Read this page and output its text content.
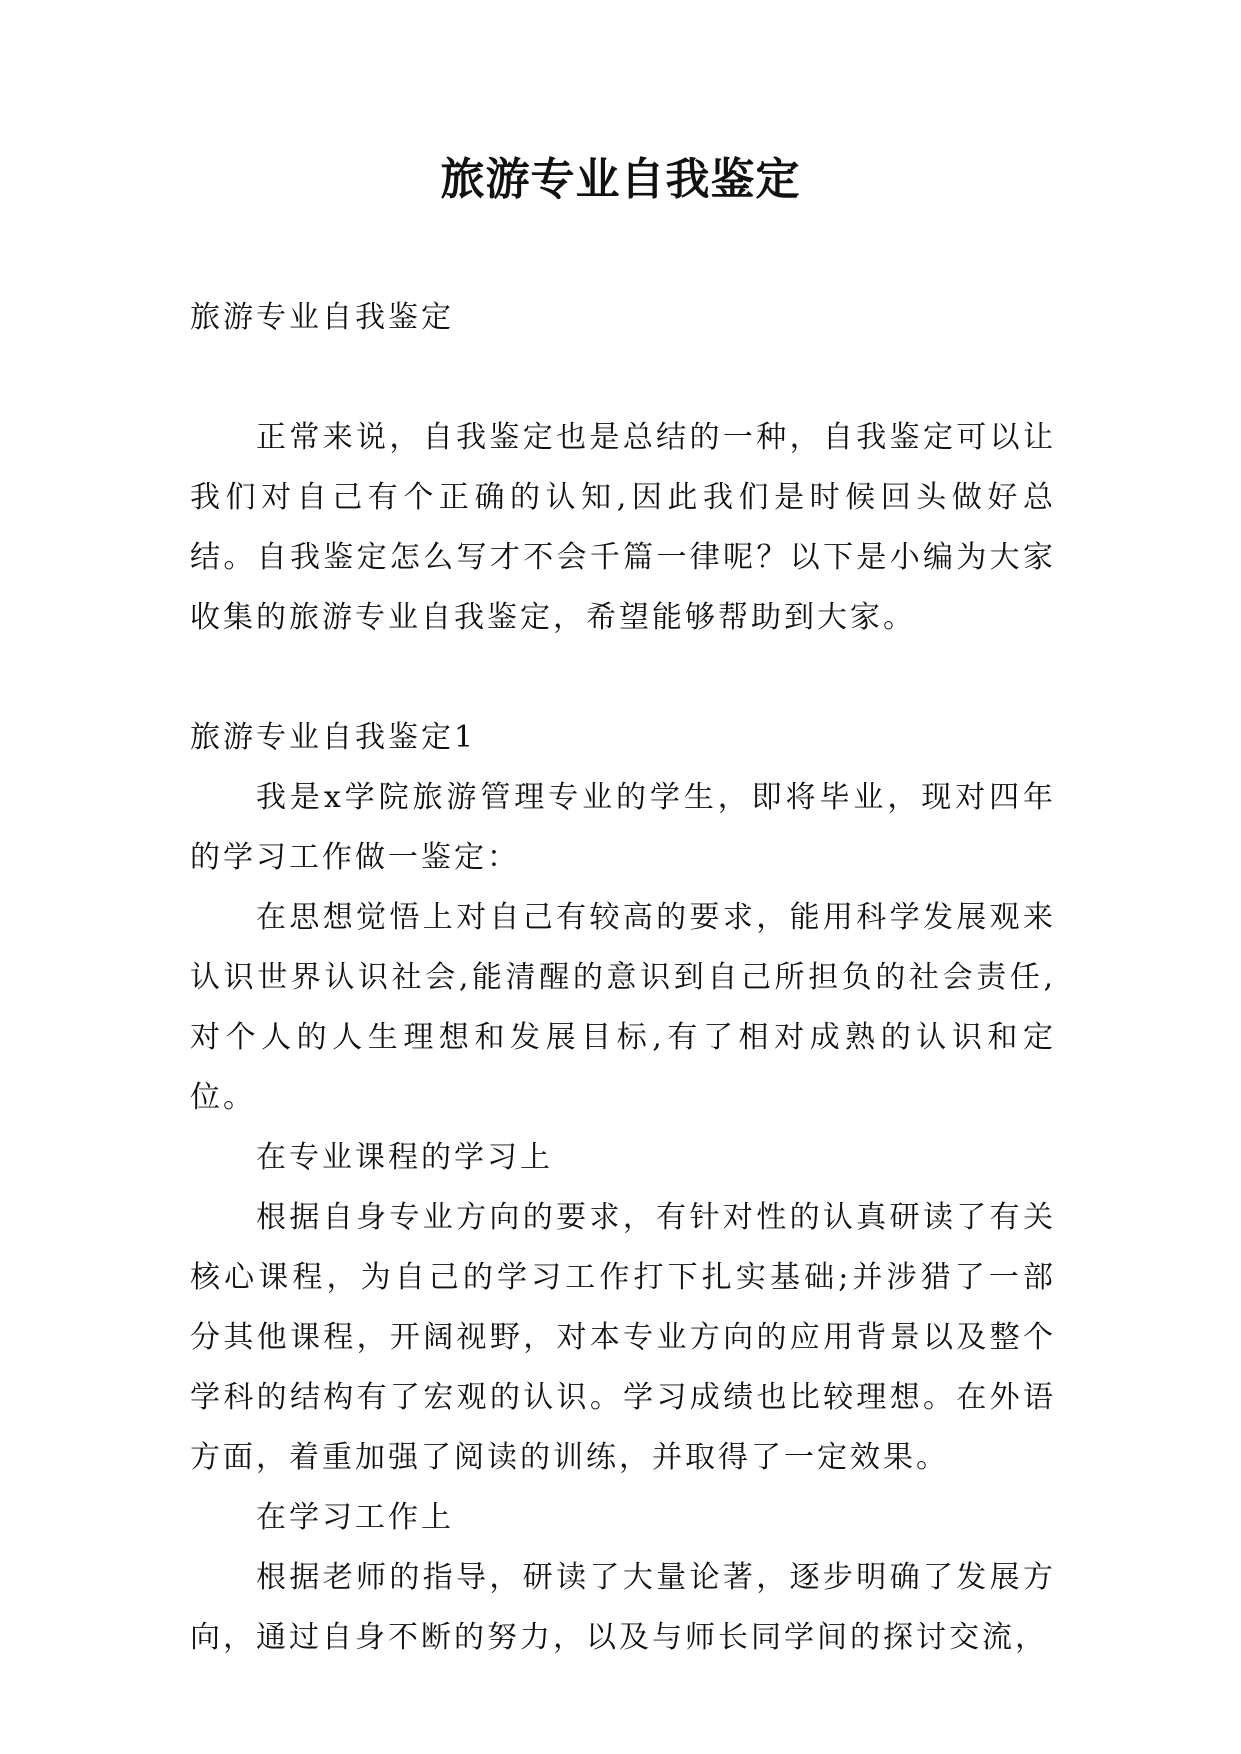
旅游专业自我鉴定

旅游专业自我鉴定

正常来说，自我鉴定也是总结的一种，自我鉴定可以让我们对自己有个正确的认知,因此我们是时候回头做好总结。自我鉴定怎么写才不会千篇一律呢？以下是小编为大家收集的旅游专业自我鉴定，希望能够帮助到大家。

旅游专业自我鉴定1

我是x学院旅游管理专业的学生，即将毕业，现对四年的学习工作做一鉴定：

在思想觉悟上对自己有较高的要求，能用科学发展观来认识世界认识社会,能清醒的意识到自己所担负的社会责任,对个人的人生理想和发展目标,有了相对成熟的认识和定位。

在专业课程的学习上

根据自身专业方向的要求，有针对性的认真研读了有关核心课程，为自己的学习工作打下扎实基础;并涉猎了一部分其他课程，开阔视野，对本专业方向的应用背景以及整个学科的结构有了宏观的认识。学习成绩也比较理想。在外语方面，着重加强了阅读的训练，并取得了一定效果。

在学习工作上

根据老师的指导，研读了大量论著，逐步明确了发展方向，通过自身不断的努力，以及与师长同学间的探讨交流，
